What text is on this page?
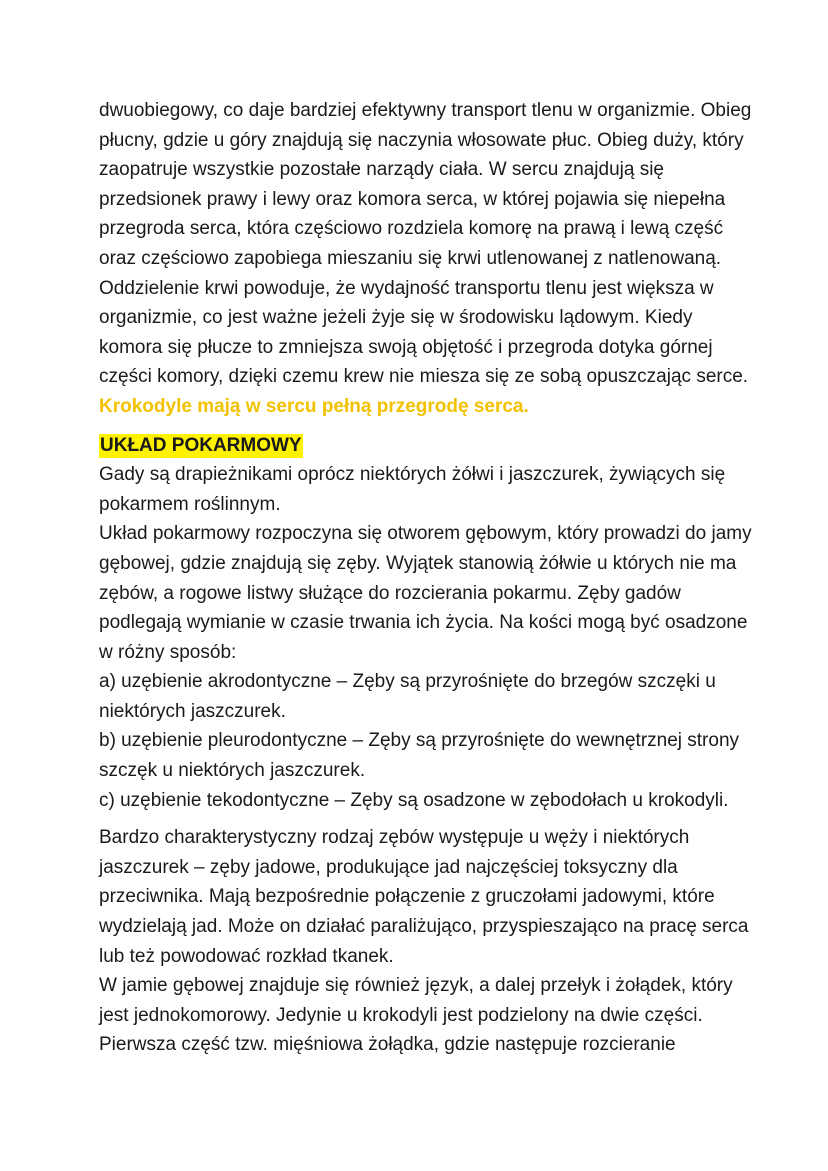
dwuobiegowy, co daje bardziej efektywny transport tlenu w organizmie. Obieg
płucny, gdzie u góry znajdują się naczynia włosowate płuc. Obieg duży, który
zaopatruje wszystkie pozostałe narządy ciała. W sercu znajdują się
przedsionek prawy i lewy oraz komora serca, w której pojawia się niepełna
przegroda serca, która częściowo rozdziela komorę na prawą i lewą część
oraz częściowo zapobiega mieszaniu się krwi utlenowanej z natlenowaną.
Oddzielenie krwi powoduje, że wydajność transportu tlenu jest większa w
organizmie, co jest ważne jeżeli żyje się w środowisku lądowym. Kiedy
komora się płucze to zmniejsza swoją objętość i przegroda dotyka górnej
części komory, dzięki czemu krew nie miesza się ze sobą opuszczając serce.
Krokodyle mają w sercu pełną przegrodę serca.
UKŁAD POKARMOWY
Gady są drapieżnikami oprócz niektórych żółwi i jaszczurek, żywiących się
pokarmem roślinnym.
Układ pokarmowy rozpoczyna się otworem gębowym, który prowadzi do jamy
gębowej, gdzie znajdują się zęby. Wyjątek stanowią żółwie u których nie ma
zębów, a rogowe listwy służące do rozcierania pokarmu. Zęby gadów
podlegają wymianie w czasie trwania ich życia. Na kości mogą być osadzone
w różny sposób:
a) uzębienie akrodontyczne – Zęby są przyrośnięte do brzegów szczęki u
niektórych jaszczurek.
b) uzębienie pleurodontyczne – Zęby są przyrośnięte do wewnętrznej strony
szczęk u niektórych jaszczurek.
c) uzębienie tekodontyczne – Zęby są osadzone w zębodołach u krokodyli.
Bardzo charakterystyczny rodzaj zębów występuje u węży i niektórych
jaszczurek – zęby jadowe, produkujące jad najczęściej toksyczny dla
przeciwnika. Mają bezpośrednie połączenie z gruczołami jadowymi, które
wydzielają jad. Może on działać paraliżująco, przyspieszająco na pracę serca
lub też powodować rozkład tkanek.
W jamie gębowej znajduje się również język, a dalej przełyk i żołądek, który
jest jednokomorowy. Jedynie u krokodyli jest podzielony na dwie części.
Pierwsza część tzw. mięśniowa żołądka, gdzie następuje rozcieranie
